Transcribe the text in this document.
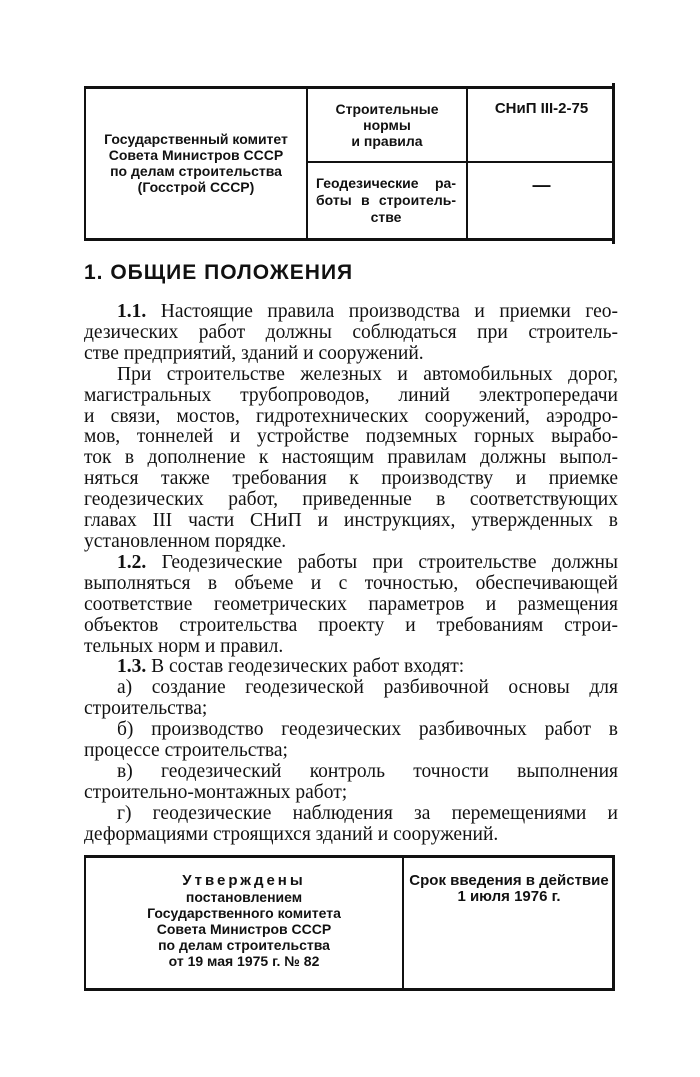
Государственный комитет
Совета Министров СССР
по делам строительства
(Госстрой СССР)
Строительные
нормы
и правила
СНиП III-2-75
Геодезические ра-
боты в строитель-
стве
—
1. ОБЩИЕ ПОЛОЖЕНИЯ

1.1. Настоящие правила производства и приемки гео-

дезических работ должны соблюдаться при строитель-

стве предприятий, зданий и сооружений.

При строительстве железных и автомобильных дорог,

магистральных трубопроводов, линий электропередачи

и связи, мостов, гидротехнических сооружений, аэродро-

мов, тоннелей и устройстве подземных горных вырабо-

ток в дополнение к настоящим правилам должны выпол-

няться также требования к производству и приемке

геодезических работ, приведенные в соответствующих

главах III части СНиП и инструкциях, утвержденных в

установленном порядке.

1.2. Геодезические работы при строительстве должны

выполняться в объеме и с точностью, обеспечивающей

соответствие геометрических параметров и размещения

объектов строительства проекту и требованиям строи-

тельных норм и правил.

1.3. В состав геодезических работ входят:

а) создание геодезической разбивочной основы для

строительства;

б) производство геодезических разбивочных работ в

процессе строительства;

в) геодезический контроль точности выполнения

строительно-монтажных работ;

г) геодезические наблюдения за перемещениями и

деформациями строящихся зданий и сооружений.

Утверждены
постановлением
Государственного комитета
Совета Министров СССР
по делам строительства
от 19 мая 1975 г. № 82
Срок введения в действие
1 июля 1976 г.
